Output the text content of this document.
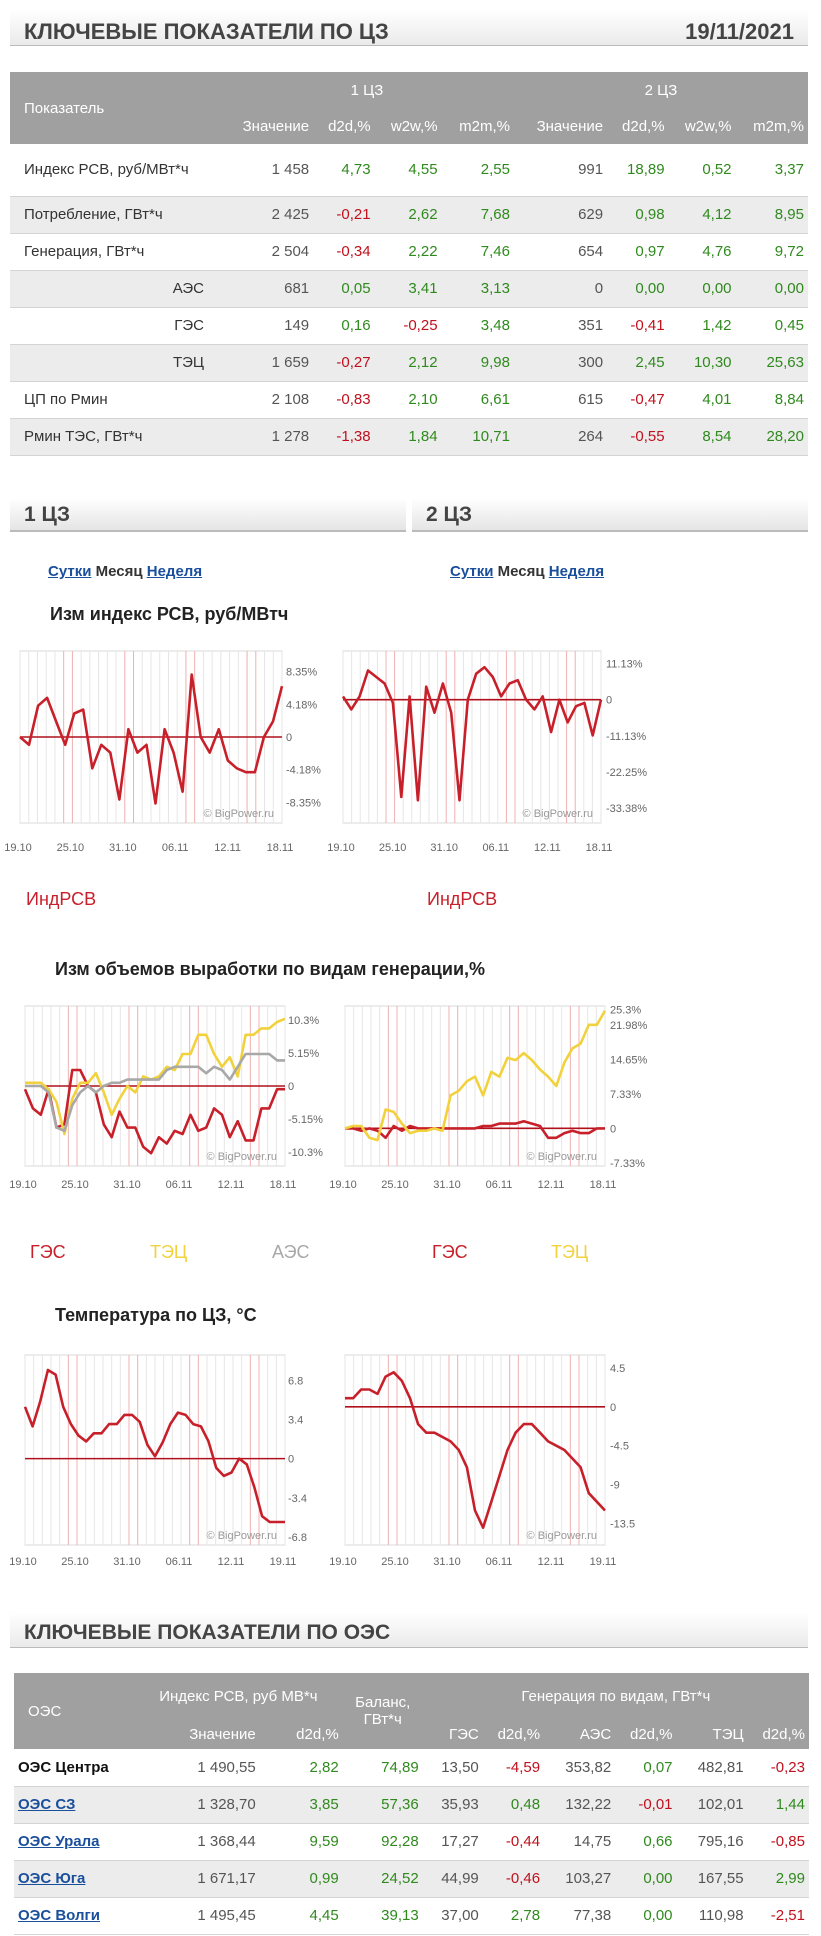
КЛЮЧЕВЫЕ ПОКАЗАТЕЛИ ПО ЦЗ	19/11/2021
Показатель	1 ЦЗ				2 ЦЗ			
	Значение	d2d,%	w2w,%	m2m,%	Значение	d2d,%	w2w,%	m2m,%
Индекс РСВ, руб/МВт*ч	1 458	4,73	4,55	2,55	991	18,89	0,52	3,37
Потребление, ГВт*ч	2 425	-0,21	2,62	7,68	629	0,98	4,12	8,95
Генерация, ГВт*ч	2 504	-0,34	2,22	7,46	654	0,97	4,76	9,72
АЭС	681	0,05	3,41	3,13	0	0,00	0,00	0,00
ГЭС	149	0,16	-0,25	3,48	351	-0,41	1,42	0,45
ТЭЦ	1 659	-0,27	2,12	9,98	300	2,45	10,30	25,63
ЦП по Рмин	2 108	-0,83	2,10	6,61	615	-0,47	4,01	8,84
Рмин ТЭС, ГВт*ч	1 278	-1,38	1,84	10,71	264	-0,55	8,54	28,20
1 ЦЗ	2 ЦЗ
Сутки Месяц Неделя	Сутки Месяц Неделя
Изм индекс РСВ, руб/МВтч
Изм объемов выработки по видам генерации,%
Температура по ЦЗ, °C
8.35%
4.18%
0
-4.18%
-8.35%
19.10 25.10 31.10 06.11 12.11 18.11
© BigPower.ru
11.13%
0
-11.13%
-22.25%
-33.38%
19.10 25.10 31.10 06.11 12.11 18.11
© BigPower.ru
10.3%
5.15%
0
-5.15%
-10.3%
19.10 25.10 31.10 06.11 12.11 18.11
© BigPower.ru
25.3%
21.98%
14.65%
7.33%
0
-7.33%
19.10 25.10 31.10 06.11 12.11 18.11
© BigPower.ru
6.8
3.4
0
-3.4
-6.8
19.10 25.10 31.10 06.11 12.11 19.11
© BigPower.ru
4.5
0
-4.5
-9
-13.5
19.10 25.10 31.10 06.11 12.11 19.11
© BigPower.ru
ИндРСВ	ИндРСВ
ГЭС	ТЭЦ	АЭС	ГЭС	ТЭЦ
КЛЮЧЕВЫЕ ПОКАЗАТЕЛИ ПО ОЭС
ОЭС	Индекс РСВ, руб МВ*ч		Баланс, ГВт*ч	Генерация по видам, ГВт*ч					
	Значение	d2d,%		ГЭС	d2d,%	АЭС	d2d,%	ТЭЦ	d2d,%
ОЭС Центра	1 490,55	2,82	74,89	13,50	-4,59	353,82	0,07	482,81	-0,23
ОЭС СЗ	1 328,70	3,85	57,36	35,93	0,48	132,22	-0,01	102,01	1,44
ОЭС Урала	1 368,44	9,59	92,28	17,27	-0,44	14,75	0,66	795,16	-0,85
ОЭС Юга	1 671,17	0,99	24,52	44,99	-0,46	103,27	0,00	167,55	2,99
ОЭС Волги	1 495,45	4,45	39,13	37,00	2,78	77,38	0,00	110,98	-2,51
